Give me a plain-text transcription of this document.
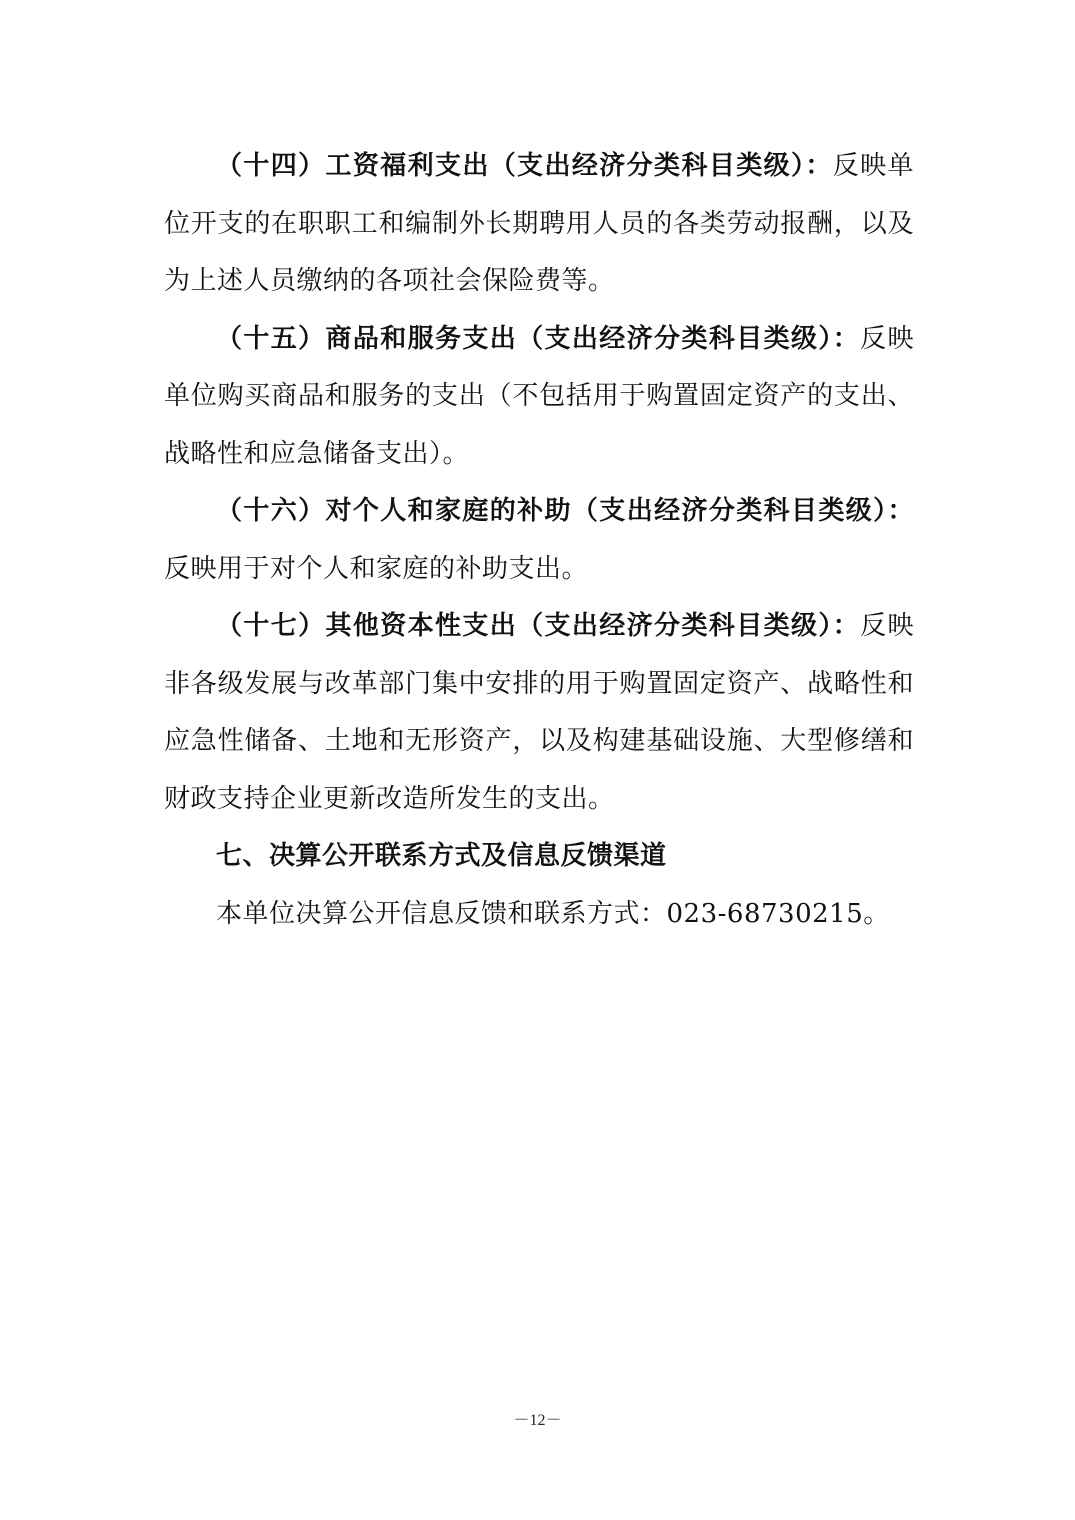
（十四）工资福利支出（支出经济分类科目类级）：反映单位开支的在职职工和编制外长期聘用人员的各类劳动报酬，以及为上述人员缴纳的各项社会保险费等。

（十五）商品和服务支出（支出经济分类科目类级）：反映单位购买商品和服务的支出（不包括用于购置固定资产的支出、战略性和应急储备支出）。

（十六）对个人和家庭的补助（支出经济分类科目类级）：反映用于对个人和家庭的补助支出。

（十七）其他资本性支出（支出经济分类科目类级）：反映非各级发展与改革部门集中安排的用于购置固定资产、战略性和应急性储备、土地和无形资产，以及构建基础设施、大型修缮和财政支持企业更新改造所发生的支出。

七、决算公开联系方式及信息反馈渠道

本单位决算公开信息反馈和联系方式：023-68730215。

－12－
